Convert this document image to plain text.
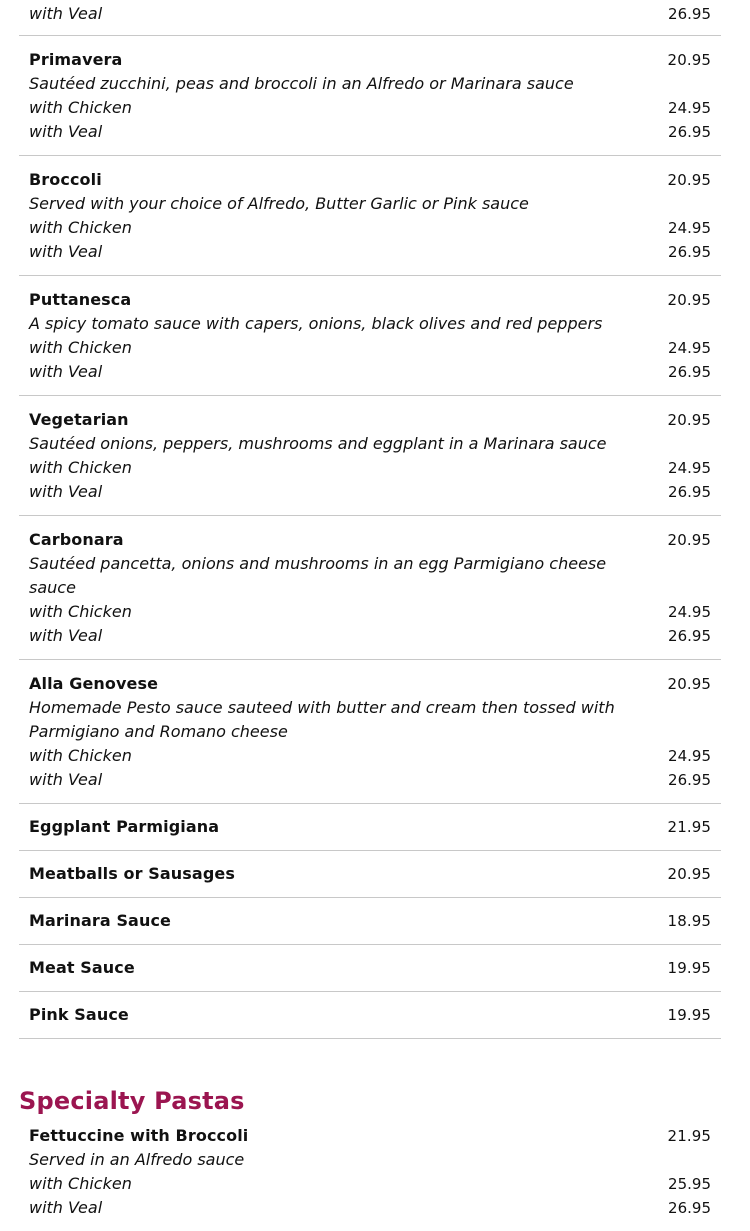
with Veal	26.95
Primavera	20.95
Sautéed zucchini, peas and broccoli in an Alfredo or Marinara sauce
with Chicken	24.95
with Veal	26.95
Broccoli	20.95
Served with your choice of Alfredo, Butter Garlic or Pink sauce
with Chicken	24.95
with Veal	26.95
Puttanesca	20.95
A spicy tomato sauce with capers, onions, black olives and red peppers
with Chicken	24.95
with Veal	26.95
Vegetarian	20.95
Sautéed onions, peppers, mushrooms and eggplant in a Marinara sauce
with Chicken	24.95
with Veal	26.95
Carbonara	20.95
Sautéed pancetta, onions and mushrooms in an egg Parmigiano cheese sauce
with Chicken	24.95
with Veal	26.95
Alla Genovese	20.95
Homemade Pesto sauce sauteed with butter and cream then tossed with Parmigiano and Romano cheese
with Chicken	24.95
with Veal	26.95
Eggplant Parmigiana	21.95
Meatballs or Sausages	20.95
Marinara Sauce	18.95
Meat Sauce	19.95
Pink Sauce	19.95
Specialty Pastas
Fettuccine with Broccoli	21.95
Served in an Alfredo sauce
with Chicken	25.95
with Veal	26.95
